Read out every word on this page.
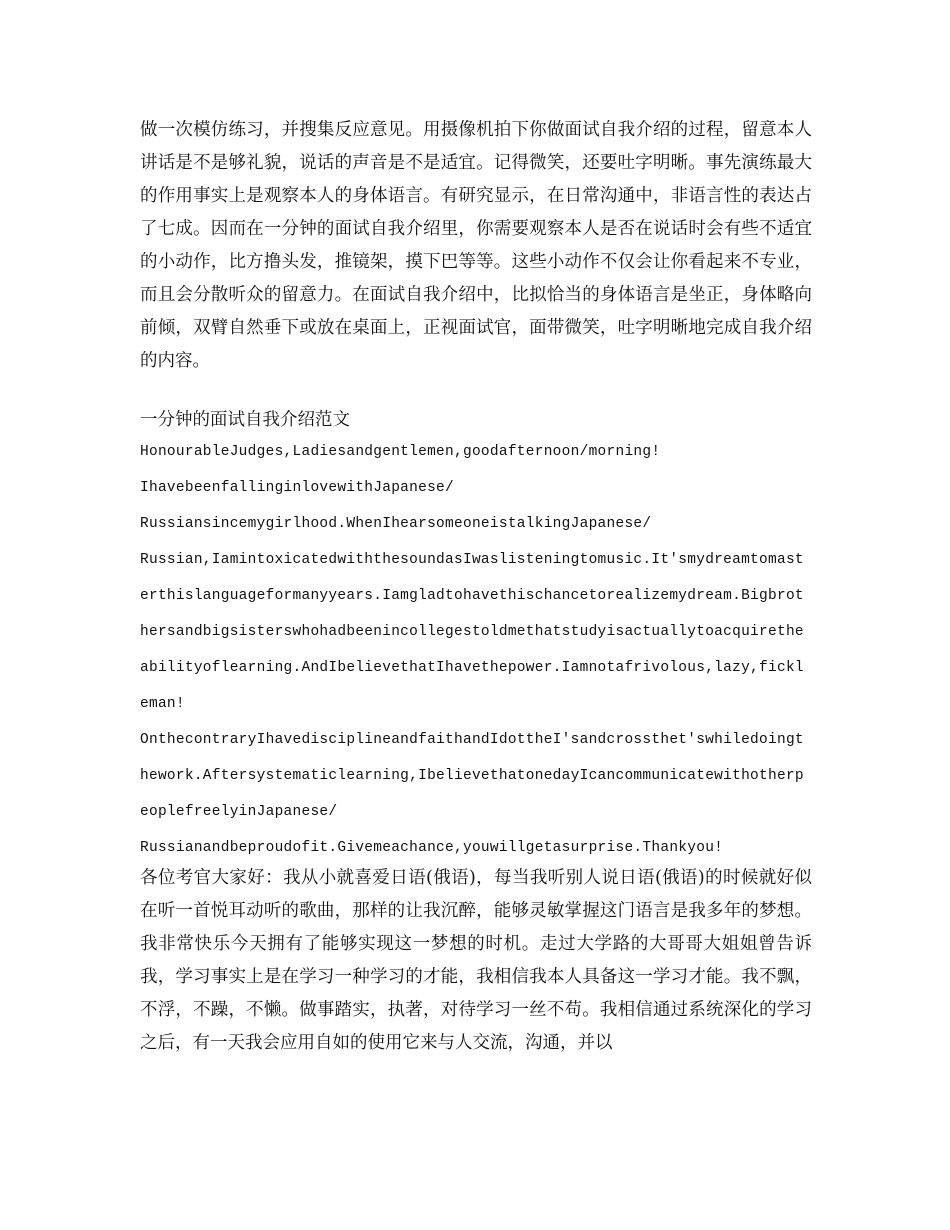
做一次模仿练习，并搜集反应意见。用摄像机拍下你做面试自我介绍的过程，留意本人讲话是不是够礼貌，说话的声音是不是适宜。记得微笑，还要吐字明晰。事先演练最大的作用事实上是观察本人的身体语言。有研究显示，在日常沟通中，非语言性的表达占了七成。因而在一分钟的面试自我介绍里，你需要观察本人是否在说话时会有些不适宜的小动作，比方撸头发，推镜架，摸下巴等等。这些小动作不仅会让你看起来不专业，而且会分散听众的留意力。在面试自我介绍中，比拟恰当的身体语言是坐正，身体略向前倾，双臂自然垂下或放在桌面上，正视面试官，面带微笑，吐字明晰地完成自我介绍的内容。

一分钟的面试自我介绍范文

HonourableJudges,Ladiesandgentlemen,goodafternoon/morning!

IhavebeenfallinginlovewithJapanese/

Russiansincemygirlhood.WhenIhearsomeoneistalkingJapanese/

Russian,IamintoxicatedwiththesoundasIwaslisteningtomusic.It'smydreamtomasterthislanguageformanyyears.Iamgladtohavethischancetorealizemydream.Bigbrothersandbigsisterswhohadbeenincollegestoldmethatstudyisactuallytoacquiretheabilityoflearning.AndIbelievethatIhavethepower.Iamnotafrivolous,lazy,fickleman!

OnthecontraryIhavedisciplineandfaithandIdottheI'sandcrossthet'swhiledoingthework.Aftersystematiclearning,IbelievethatonedayIcancommunicatewithotherpeoplefreelyinJapanese/

Russianandbeproudofit.Givemeachance,youwillgetasurprise.Thankyou!

各位考官大家好：我从小就喜爱日语(俄语)，每当我听别人说日语(俄语)的时候就好似在听一首悦耳动听的歌曲，那样的让我沉醉，能够灵敏掌握这门语言是我多年的梦想。我非常快乐今天拥有了能够实现这一梦想的时机。走过大学路的大哥哥大姐姐曾告诉我，学习事实上是在学习一种学习的才能，我相信我本人具备这一学习才能。我不飘，不浮，不躁，不懒。做事踏实，执著，对待学习一丝不苟。我相信通过系统深化的学习之后，有一天我会应用自如的使用它来与人交流，沟通，并以
